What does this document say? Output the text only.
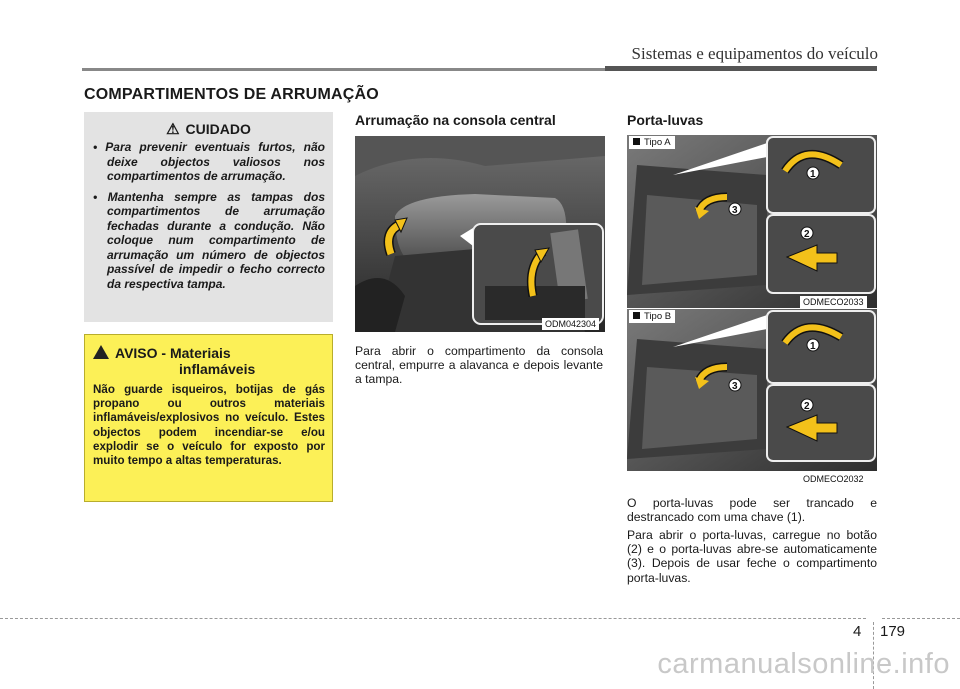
Sistemas e equipamentos do veículo
COMPARTIMENTOS DE ARRUMAÇÃO
⚠ CUIDADO
• Para prevenir eventuais furtos, não deixe objectos valiosos nos compartimentos de arrumação.
• Mantenha sempre as tampas dos compartimentos de arrumação fechadas durante a condução. Não coloque num compartimento de arrumação um número de objectos passível de impedir o fecho correcto da respectiva tampa.
AVISO - Materiais
inflamáveis

Não guarde isqueiros, botijas de gás propano ou outros materiais inflamáveis/explosivos no veículo. Estes objectos podem incendiar-se e/ou explodir se o veículo for exposto por muito tempo a altas temperaturas.

Arrumação na consola central
ODM042304

Para abrir o compartimento da consola central, empurre a alavanca e depois levante a tampa.

Porta-luvas
3
1
2
Tipo A
ODMECO2033
3
1
2
Tipo B
ODMECO2032

O porta-luvas pode ser trancado e destrancado com uma chave (1).

Para abrir o porta-luvas, carregue no botão (2) e o porta-luvas abre-se automaticamente (3). Depois de usar feche o compartimento porta-luvas.

4 179
carmanualsonline.info
